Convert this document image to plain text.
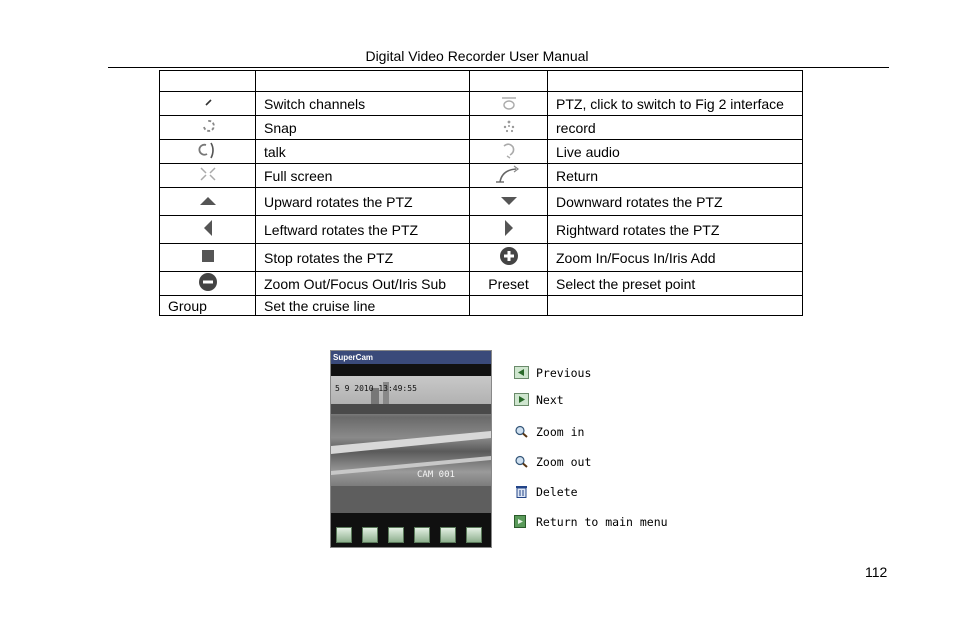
Digital Video Recorder User Manual

	Switch channels		PTZ, click to switch to Fig 2 interface
	Snap		record
	talk		Live audio
	Full screen		Return
	Upward rotates the PTZ		Downward rotates the PTZ
	Leftward rotates the PTZ		Rightward rotates the PTZ
	Stop rotates the PTZ		Zoom In/Focus In/Iris Add
	Zoom Out/Focus Out/Iris Sub	Preset	Select the preset point
Group	Set the cruise line		
SuperCam
5 9 2010 13:49:55
CAM 001
Previous
Next
Zoom in
Zoom out
Delete
Return to main menu
112
